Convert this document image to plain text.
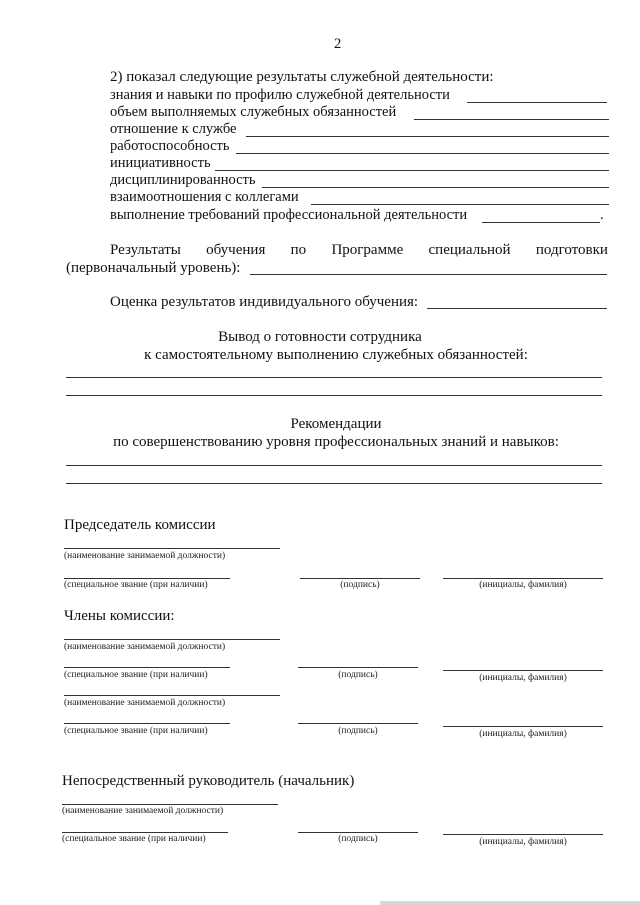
2
2) показал следующие результаты служебной деятельности:
знания и навыки по профилю служебной деятельности
объем выполняемых служебных обязанностей
отношение к службе
работоспособность
инициативность
дисциплинированность
взаимоотношения с коллегами
выполнение требований профессиональной деятельности	.
Результаты обучения по Программе специальной подготовки
(первоначальный уровень):
Оценка результатов индивидуального обучения:
Вывод о готовности сотрудника
к самостоятельному выполнению служебных обязанностей:
Рекомендации
по совершенствованию уровня профессиональных знаний и навыков:
Председатель комиссии
(наименование занимаемой должности)
(специальное звание (при наличии)	(подпись)	(инициалы, фамилия)
Члены комиссии:
(наименование занимаемой должности)
(специальное звание (при наличии)	(подпись)	(инициалы, фамилия)
(наименование занимаемой должности)
(специальное звание (при наличии)	(подпись)	(инициалы, фамилия)
Непосредственный руководитель (начальник)
(наименование занимаемой должности)
(специальное звание (при наличии)	(подпись)	(инициалы, фамилия)
